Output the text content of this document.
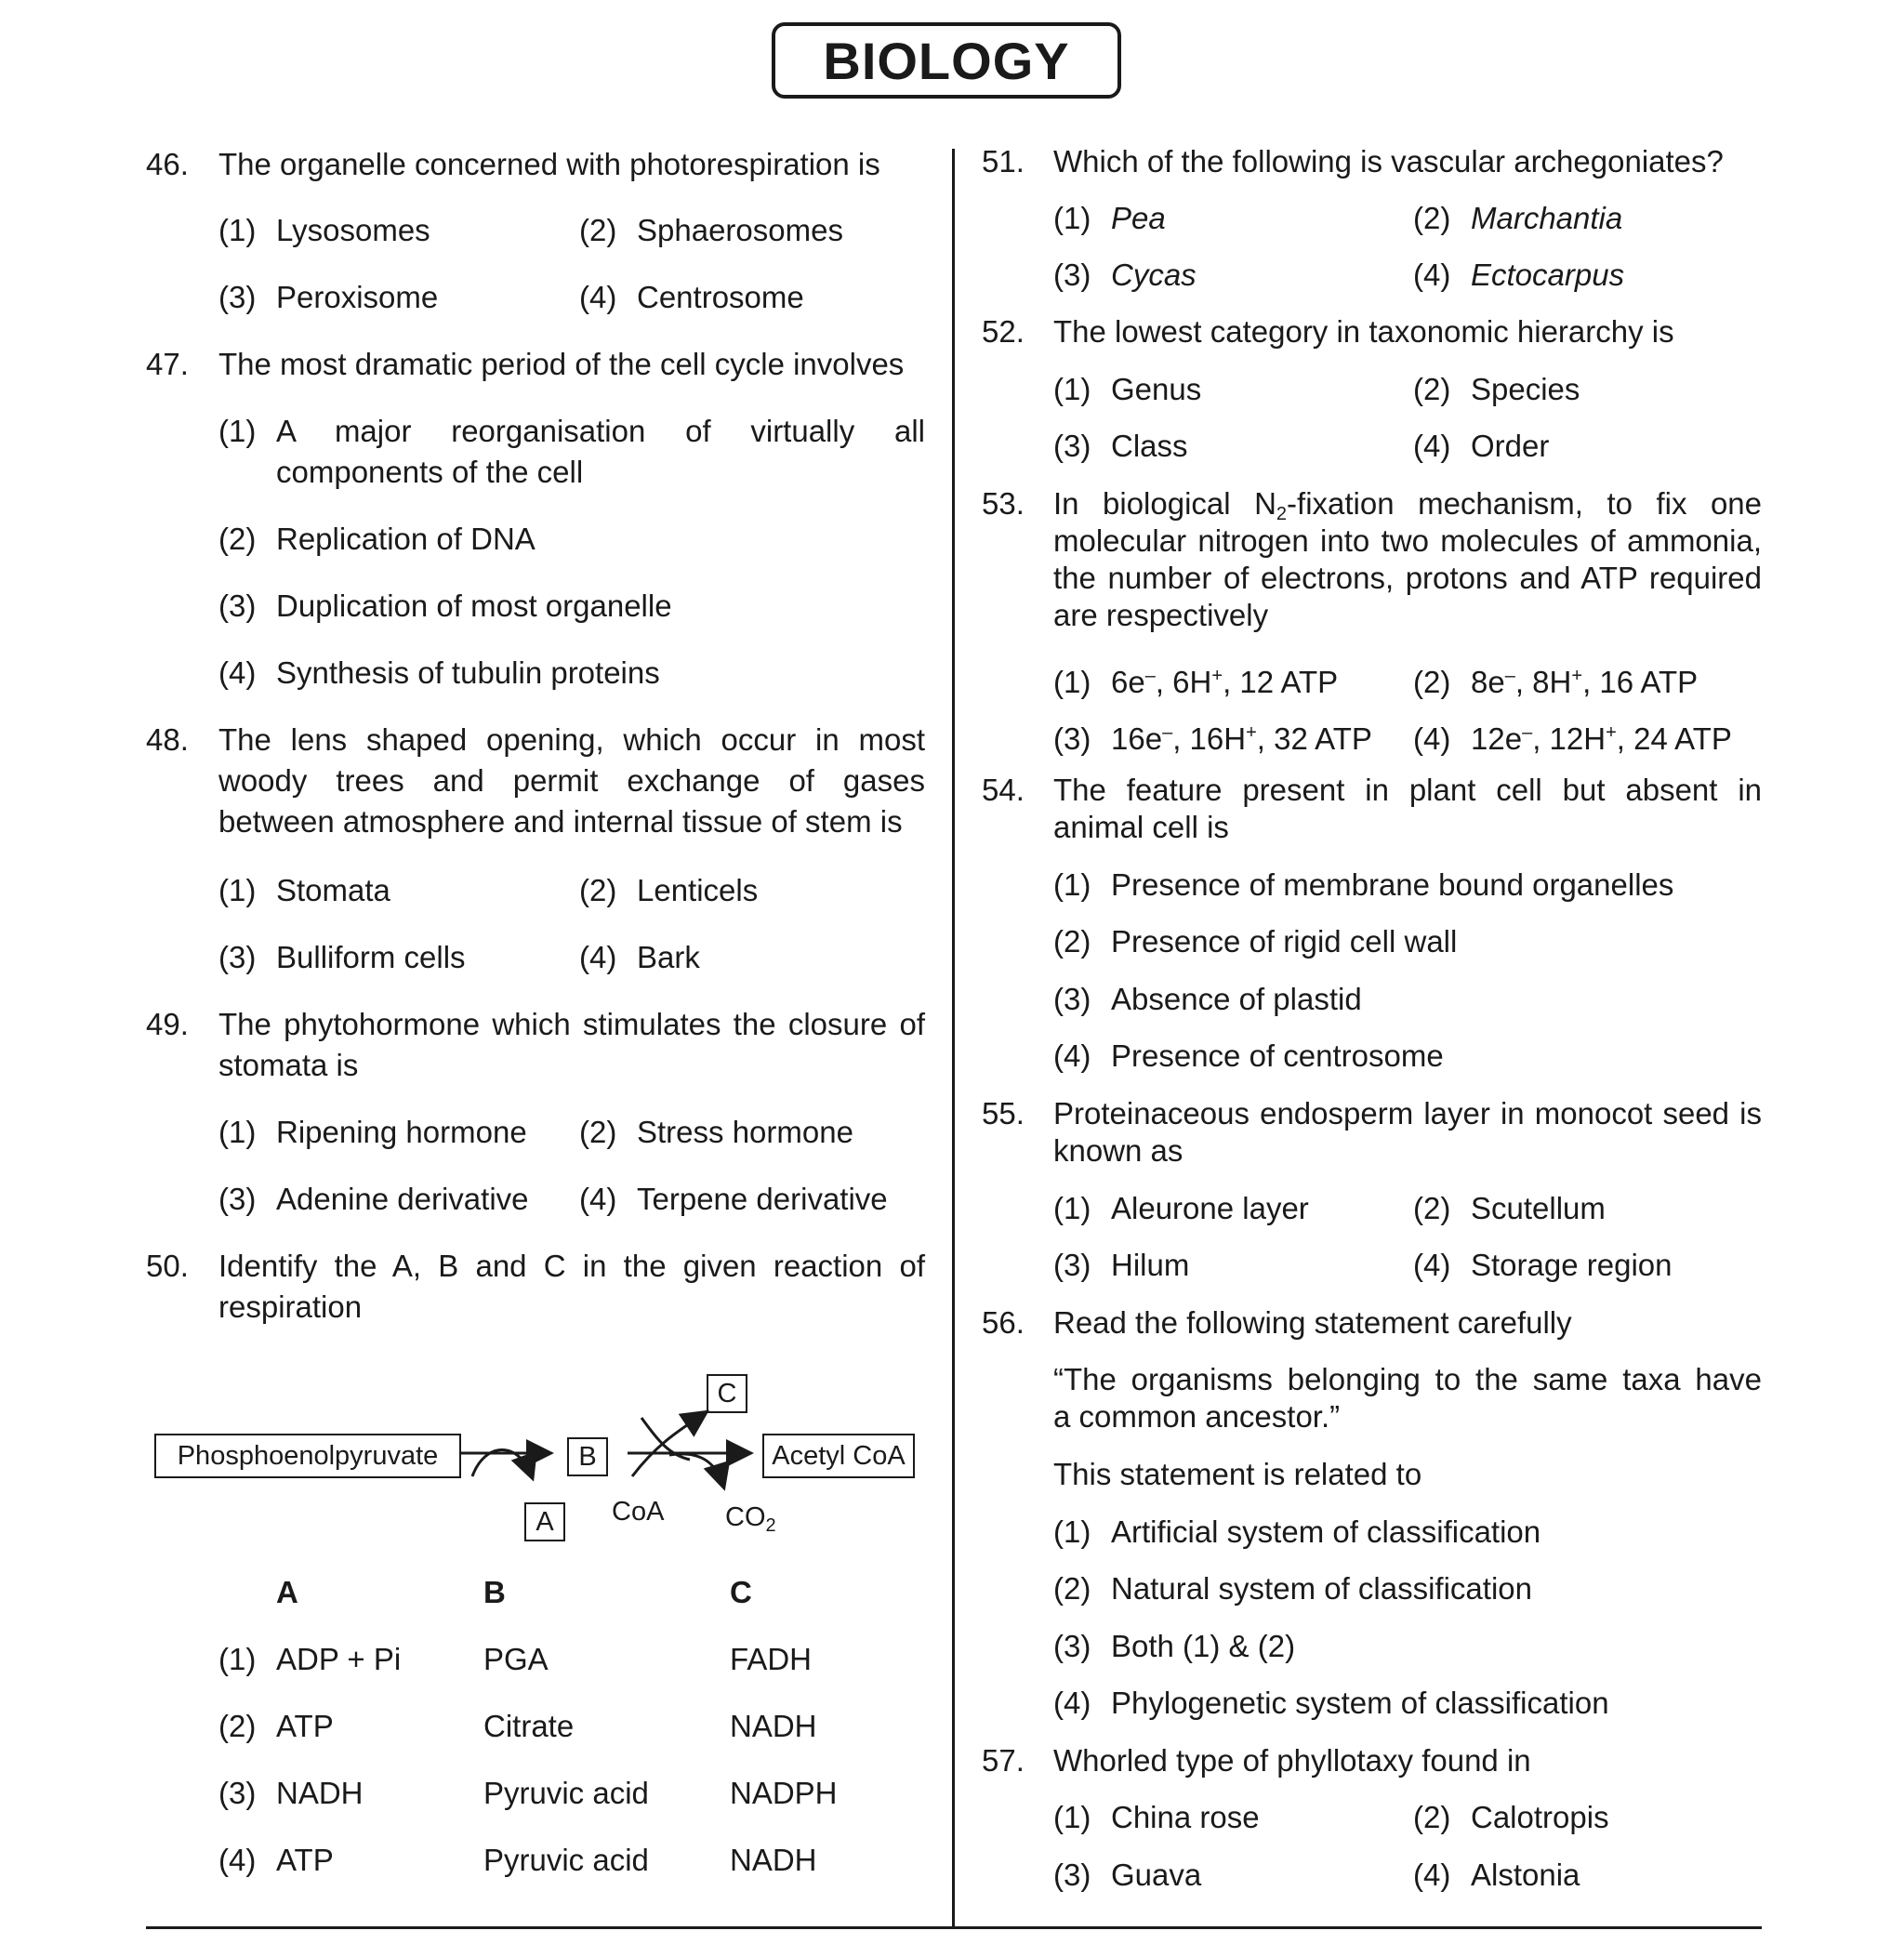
BIOLOGY
46. The organelle concerned with photorespiration is
(1) Lysosomes	(2) Sphaerosomes
(3) Peroxisome	(4) Centrosome
47. The most dramatic period of the cell cycle involves
(1) A major reorganisation of virtually all
components of the cell
(2) Replication of DNA
(3) Duplication of most organelle
(4) Synthesis of tubulin proteins
48. The lens shaped opening, which occur in most
woody trees and permit exchange of gases
between atmosphere and internal tissue of stem is
(1) Stomata	(2) Lenticels
(3) Bulliform cells	(4) Bark
49. The phytohormone which stimulates the closure of
stomata is
(1) Ripening hormone (2) Stress hormone
(3) Adenine derivative (4) Terpene derivative
50. Identify the A, B and C in the given reaction of
respiration
Phosphoenolpyruvate	B
A
C
Acetyl CoA
CoA $CO_2$
A	B	C
(1) ADP + Pi	PGA	FADH
(2) ATP	Citrate	NADH
(3) NADH	Pyruvic acid	NADPH
(4) ATP	Pyruvic acid	NADH
51. Which of the following is vascular archegoniates?
(1) Pea	(2) Marchantia
(3) Cycas	(4) Ectocarpus
52. The lowest category in taxonomic hierarchy is
(1) Genus	(2) Species
(3) Class	(4) Order
53. In biological $N_2$-fixation mechanism, to fix one
molecular nitrogen into two molecules of ammonia,
the number of electrons, protons and ATP required
are respectively
(1) 6e–, 6H+, 12 ATP (2) 8e–, 8H+, 16 ATP
(3) 16e–, 16H+, 32 ATP (4) 12e–, 12H+, 24 ATP
54. The feature present in plant cell but absent in
animal cell is
(1) Presence of membrane bound organelles
(2) Presence of rigid cell wall
(3) Absence of plastid
(4) Presence of centrosome
55. Proteinaceous endosperm layer in monocot seed is
known as
(1) Aleurone layer	(2) Scutellum
(3) Hilum	(4) Storage region
56. Read the following statement carefully
“The organisms belonging to the same taxa have
a common ancestor.”
This statement is related to
(1) Artificial system of classification
(2) Natural system of classification
(3) Both (1) & (2)
(4) Phylogenetic system of classification
57. Whorled type of phyllotaxy found in
(1) China rose	(2) Calotropis
(3) Guava	(4) Alstonia
